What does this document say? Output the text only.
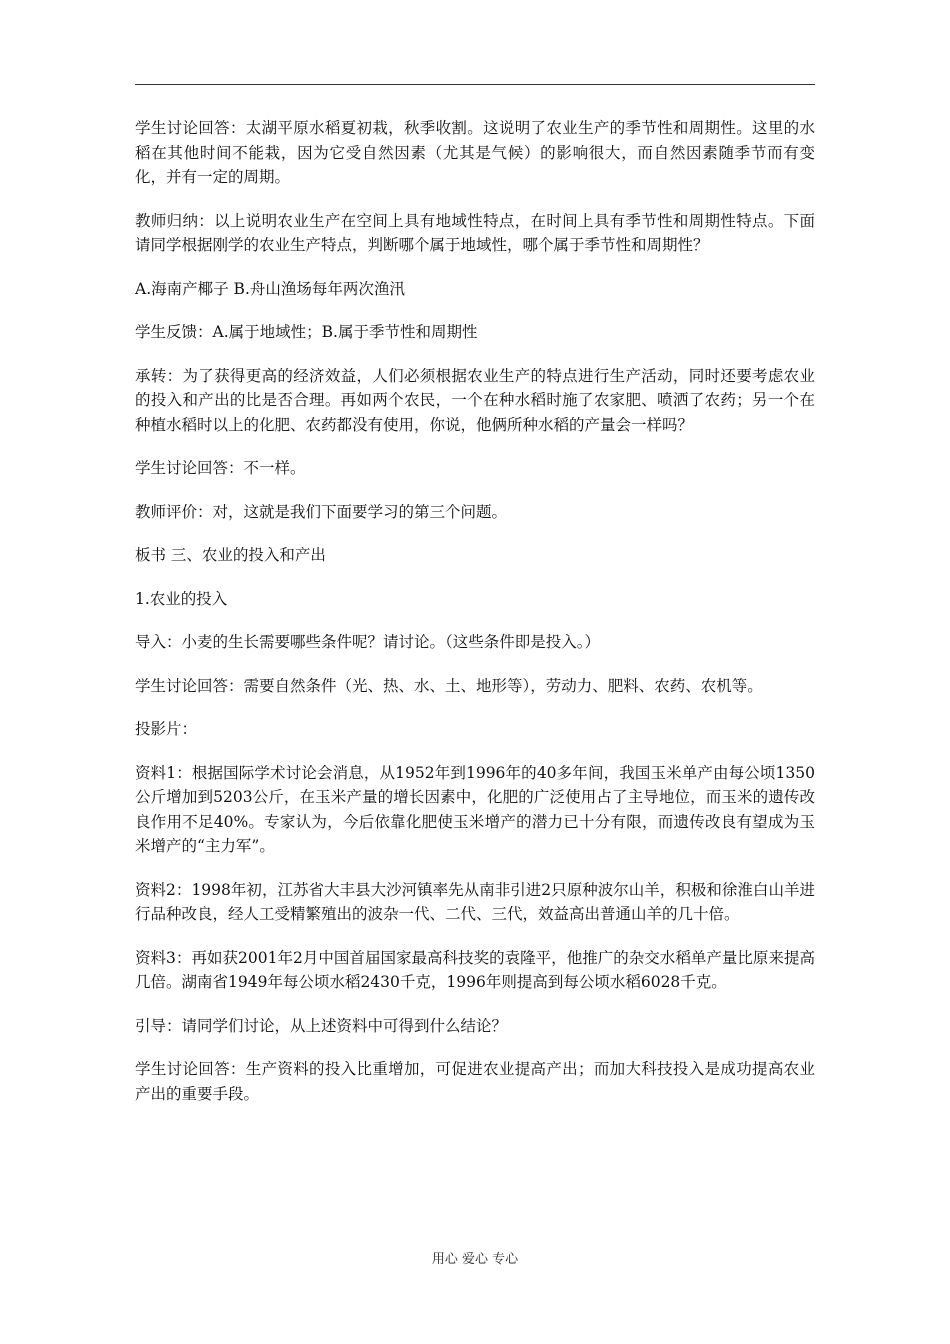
学生讨论回答：太湖平原水稻夏初栽，秋季收割。这说明了农业生产的季节性和周期性。这里的水稻在其他时间不能栽，因为它受自然因素（尤其是气候）的影响很大，而自然因素随季节而有变化，并有一定的周期。

教师归纳：以上说明农业生产在空间上具有地域性特点，在时间上具有季节性和周期性特点。下面请同学根据刚学的农业生产特点，判断哪个属于地域性，哪个属于季节性和周期性？

A.海南产椰子 B.舟山渔场每年两次渔汛

学生反馈：A.属于地域性；B.属于季节性和周期性

承转：为了获得更高的经济效益，人们必须根据农业生产的特点进行生产活动，同时还要考虑农业的投入和产出的比是否合理。再如两个农民，一个在种水稻时施了农家肥、喷洒了农药；另一个在种植水稻时以上的化肥、农药都没有使用，你说，他俩所种水稻的产量会一样吗？

学生讨论回答：不一样。

教师评价：对，这就是我们下面要学习的第三个问题。

板书 三、农业的投入和产出

1.农业的投入

导入：小麦的生长需要哪些条件呢？请讨论。（这些条件即是投入。）

学生讨论回答：需要自然条件（光、热、水、土、地形等），劳动力、肥料、农药、农机等。

投影片：

资料1：根据国际学术讨论会消息，从1952年到1996年的40多年间，我国玉米单产由每公顷1350公斤增加到5203公斤，在玉米产量的增长因素中，化肥的广泛使用占了主导地位，而玉米的遗传改良作用不足40%。专家认为，今后依靠化肥使玉米增产的潜力已十分有限，而遗传改良有望成为玉米增产的“主力军”。

资料2：1998年初，江苏省大丰县大沙河镇率先从南非引进2只原种波尔山羊，积极和徐淮白山羊进行品种改良，经人工受精繁殖出的波杂一代、二代、三代，效益高出普通山羊的几十倍。

资料3：再如获2001年2月中国首届国家最高科技奖的袁隆平，他推广的杂交水稻单产量比原来提高几倍。湖南省1949年每公顷水稻2430千克，1996年则提高到每公顷水稻6028千克。

引导：请同学们讨论，从上述资料中可得到什么结论？

学生讨论回答：生产资料的投入比重增加，可促进农业提高产出；而加大科技投入是成功提高农业产出的重要手段。

用心 爱心 专心
